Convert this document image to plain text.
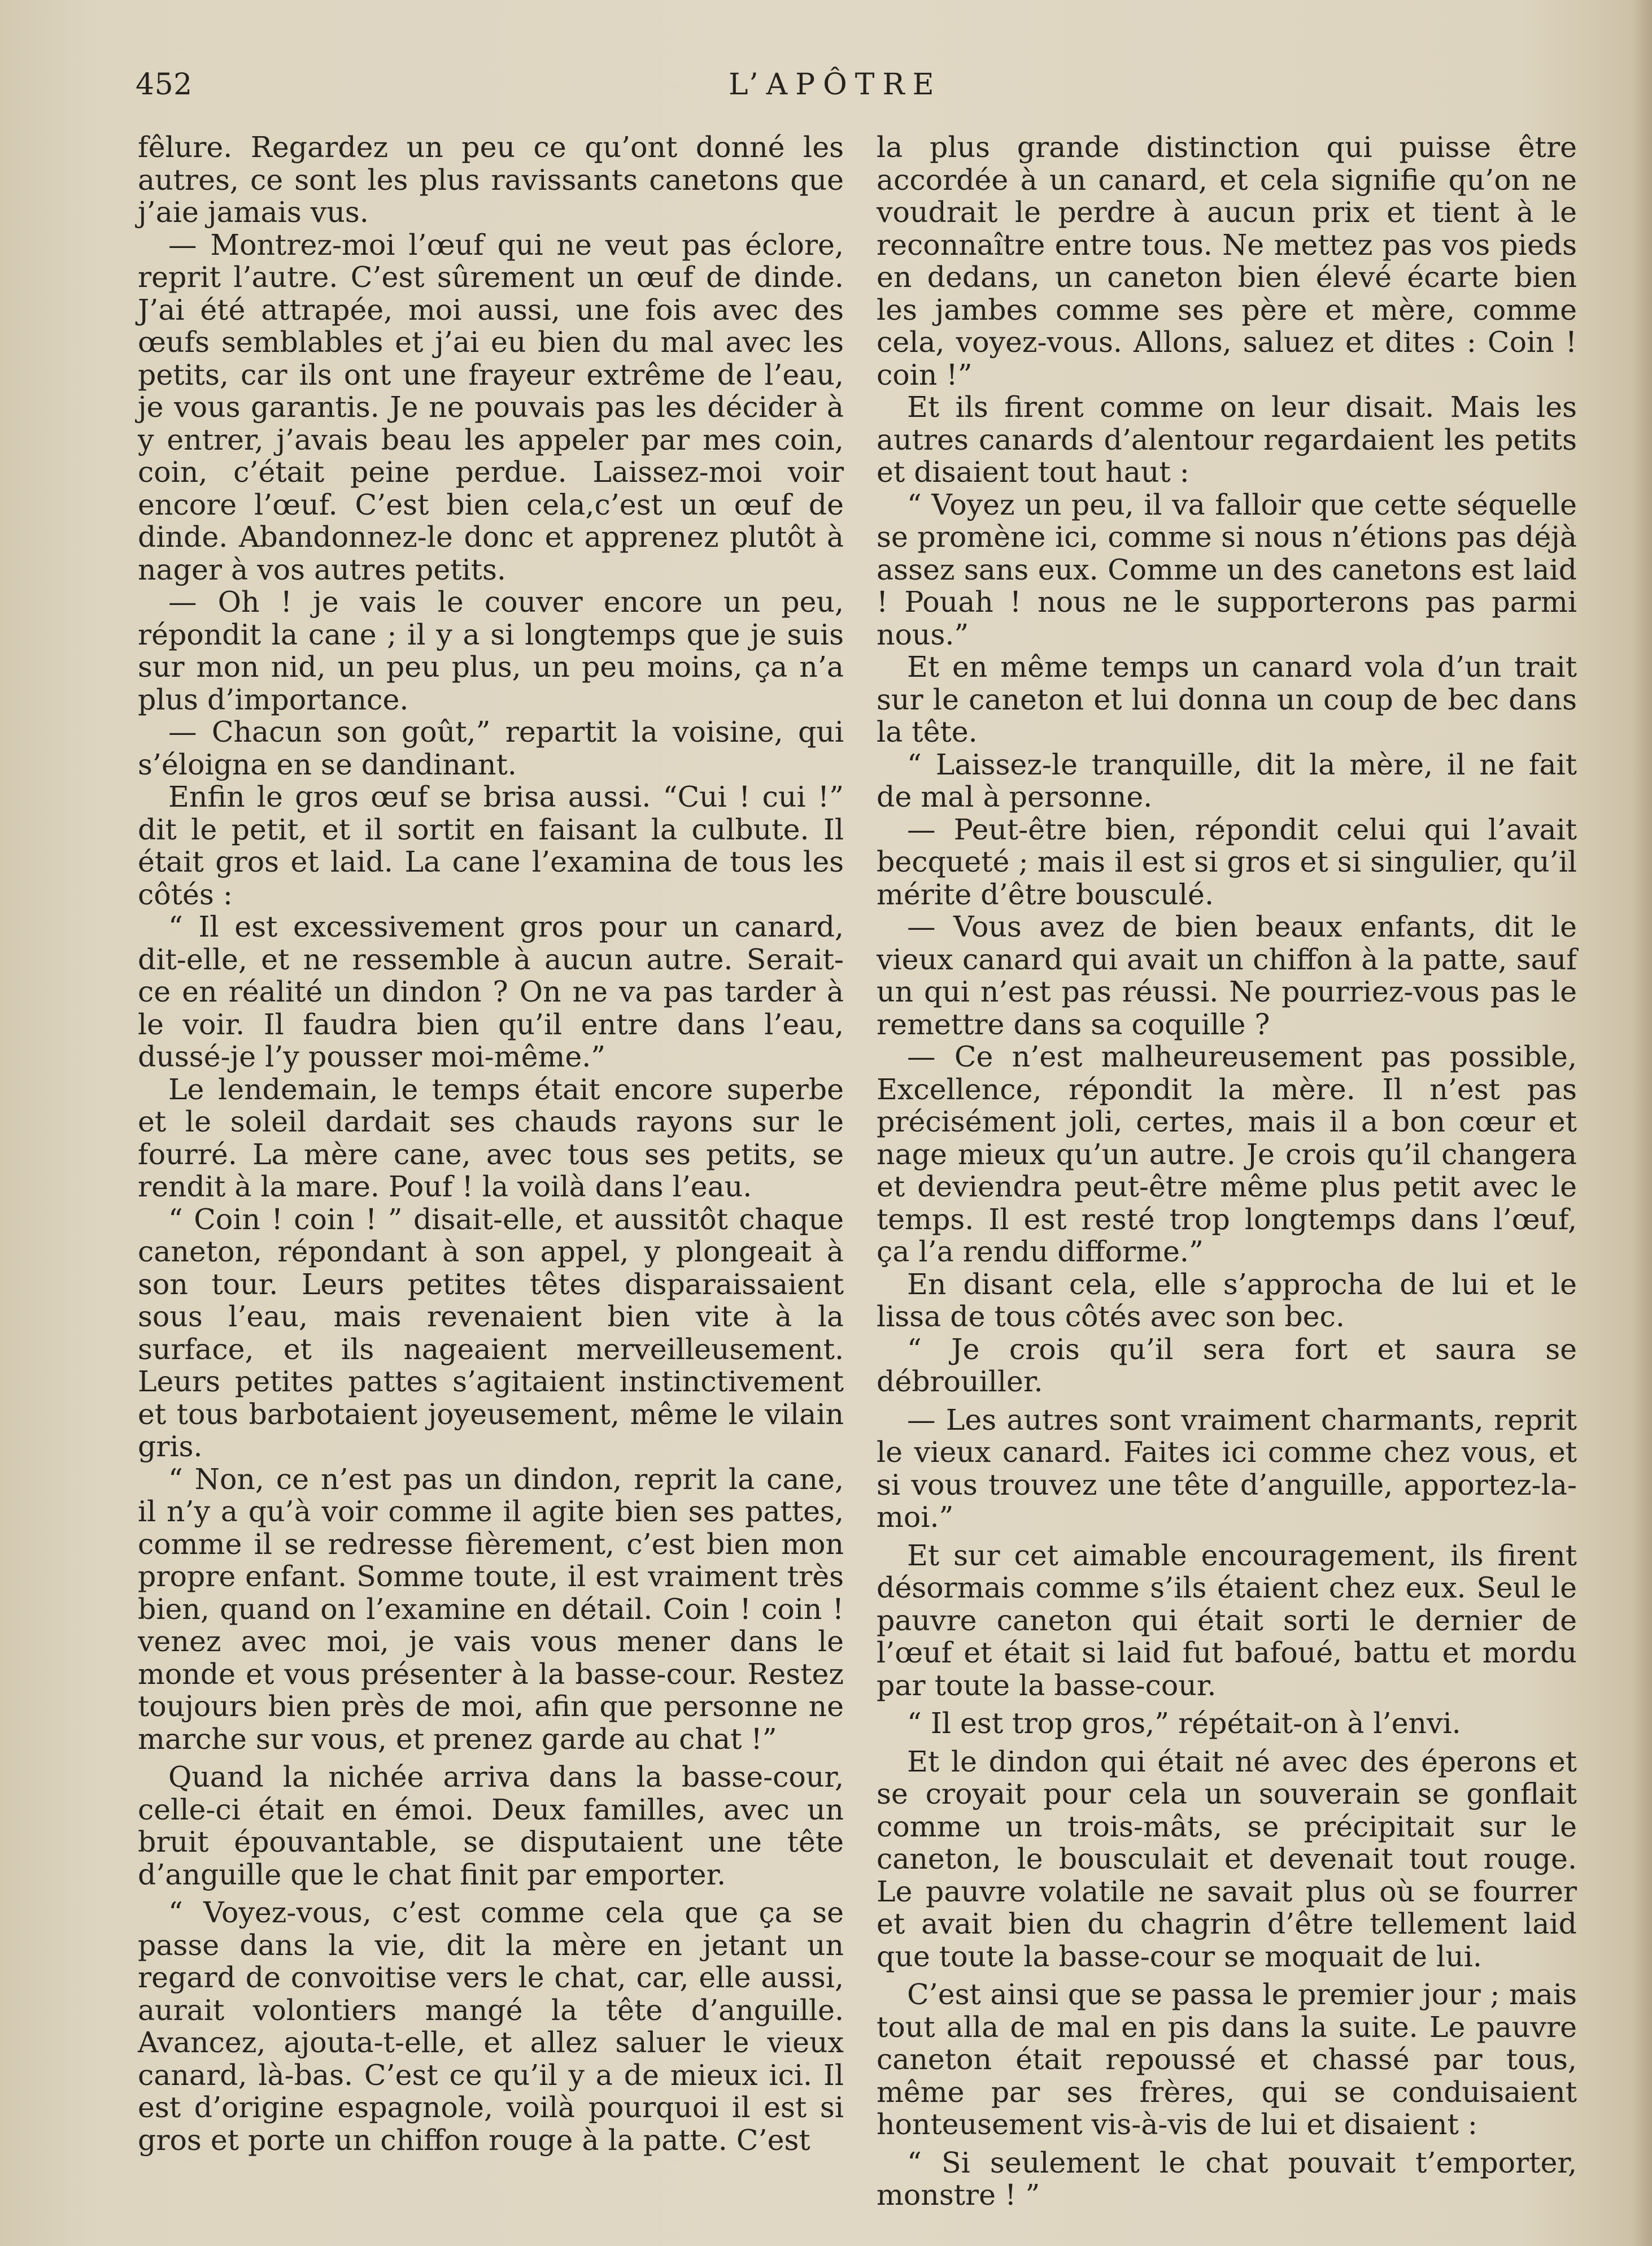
452	L’APÔTRE

fêlure. Regardez un peu ce qu’ont donné les autres, ce sont les plus ravissants canetons que j’aie jamais vus.

— Montrez-moi l’œuf qui ne veut pas éclore, reprit l’autre. C’est sûrement un œuf de dinde. J’ai été attrapée, moi aussi, une fois avec des œufs semblables et j’ai eu bien du mal avec les petits, car ils ont une frayeur extrême de l’eau, je vous garantis. Je ne pouvais pas les décider à y entrer, j’avais beau les appeler par mes coin, coin, c’était peine perdue. Laissez-moi voir encore l’œuf. C’est bien cela,c’est un œuf de dinde. Abandonnez-le donc et apprenez plutôt à nager à vos autres petits.

— Oh ! je vais le couver encore un peu, répondit la cane ; il y a si longtemps que je suis sur mon nid, un peu plus, un peu moins, ça n’a plus d’importance.

— Chacun son goût,” repartit la voisine, qui s’éloigna en se dandinant.

Enfin le gros œuf se brisa aussi. “Cui ! cui !” dit le petit, et il sortit en faisant la culbute. Il était gros et laid. La cane l’examina de tous les côtés :

“ Il est excessivement gros pour un canard, dit-elle, et ne ressemble à aucun autre. Serait-ce en réalité un dindon ? On ne va pas tarder à le voir. Il faudra bien qu’il entre dans l’eau, dussé-je l’y pousser moi-même.”

Le lendemain, le temps était encore superbe et le soleil dardait ses chauds rayons sur le fourré. La mère cane, avec tous ses petits, se rendit à la mare. Pouf ! la voilà dans l’eau.

“ Coin ! coin ! ” disait-elle, et aussitôt chaque caneton, répondant à son appel, y plongeait à son tour. Leurs petites têtes disparaissaient sous l’eau, mais revenaient bien vite à la surface, et ils nageaient merveilleusement. Leurs petites pattes s’agitaient instinctivement et tous barbotaient joyeusement, même le vilain gris.

“ Non, ce n’est pas un dindon, reprit la cane, il n’y a qu’à voir comme il agite bien ses pattes, comme il se redresse fièrement, c’est bien mon propre enfant. Somme toute, il est vraiment très bien, quand on l’examine en détail. Coin ! coin ! venez avec moi, je vais vous mener dans le monde et vous présenter à la basse-cour. Restez toujours bien près de moi, afin que personne ne marche sur vous, et prenez garde au chat !”

Quand la nichée arriva dans la basse-cour, celle-ci était en émoi. Deux familles, avec un bruit épouvantable, se disputaient une tête d’anguille que le chat finit par emporter.

“ Voyez-vous, c’est comme cela que ça se passe dans la vie, dit la mère en jetant un regard de convoitise vers le chat, car, elle aussi, aurait volontiers mangé la tête d’anguille. Avancez, ajouta-t-elle, et allez saluer le vieux canard, là-bas. C’est ce qu’il y a de mieux ici. Il est d’origine espagnole, voilà pourquoi il est si gros et porte un chiffon rouge à la patte. C’est

la plus grande distinction qui puisse être accordée à un canard, et cela signifie qu’on ne voudrait le perdre à aucun prix et tient à le reconnaître entre tous. Ne mettez pas vos pieds en dedans, un caneton bien élevé écarte bien les jambes comme ses père et mère, comme cela, voyez-vous. Allons, saluez et dites : Coin ! coin !”

Et ils firent comme on leur disait. Mais les autres canards d’alentour regardaient les petits et disaient tout haut :

“ Voyez un peu, il va falloir que cette séquelle se promène ici, comme si nous n’étions pas déjà assez sans eux. Comme un des canetons est laid ! Pouah ! nous ne le supporterons pas parmi nous.”

Et en même temps un canard vola d’un trait sur le caneton et lui donna un coup de bec dans la tête.

“ Laissez-le tranquille, dit la mère, il ne fait de mal à personne.

— Peut-être bien, répondit celui qui l’avait becqueté ; mais il est si gros et si singulier, qu’il mérite d’être bousculé.

— Vous avez de bien beaux enfants, dit le vieux canard qui avait un chiffon à la patte, sauf un qui n’est pas réussi. Ne pourriez-vous pas le remettre dans sa coquille ?

— Ce n’est malheureusement pas possible, Excellence, répondit la mère. Il n’est pas précisément joli, certes, mais il a bon cœur et nage mieux qu’un autre. Je crois qu’il changera et deviendra peut-être même plus petit avec le temps. Il est resté trop longtemps dans l’œuf, ça l’a rendu difforme.”

En disant cela, elle s’approcha de lui et le lissa de tous côtés avec son bec.

“ Je crois qu’il sera fort et saura se débrouiller.

— Les autres sont vraiment charmants, reprit le vieux canard. Faites ici comme chez vous, et si vous trouvez une tête d’anguille, apportez-la-moi.”

Et sur cet aimable encouragement, ils firent désormais comme s’ils étaient chez eux. Seul le pauvre caneton qui était sorti le dernier de l’œuf et était si laid fut bafoué, battu et mordu par toute la basse-cour.

“ Il est trop gros,” répétait-on à l’envi.

Et le dindon qui était né avec des éperons et se croyait pour cela un souverain se gonflait comme un trois-mâts, se précipitait sur le caneton, le bousculait et devenait tout rouge. Le pauvre volatile ne savait plus où se fourrer et avait bien du chagrin d’être tellement laid que toute la basse-cour se moquait de lui.

C’est ainsi que se passa le premier jour ; mais tout alla de mal en pis dans la suite. Le pauvre caneton était repoussé et chassé par tous, même par ses frères, qui se conduisaient honteusement vis-à-vis de lui et disaient :

“ Si seulement le chat pouvait t’emporter, monstre ! ”
